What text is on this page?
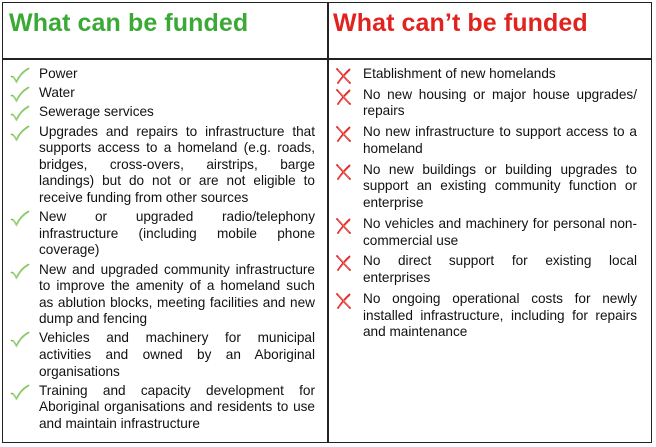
What can be funded	What can’t be funded
Power
Water
Sewerage services
Upgrades and repairs to infrastructure that supports access to a homeland (e.g. roads, bridges, cross-overs, airstrips, barge landings) but do not or are not eligible to receive funding from other sources
New or upgraded radio/telephony infrastructure (including mobile phone coverage)
New and upgraded community infrastructure to improve the amenity of a homeland such as ablution blocks, meeting facilities and new dump and fencing
Vehicles and machinery for municipal activities and owned by an Aboriginal organisations
Training and capacity development for Aboriginal organisations and residents to use and maintain infrastructure
Etablishment of new homelands
No new housing or major house upgrades/ repairs
No new infrastructure to support access to a homeland
No new buildings or building upgrades to support an existing community function or enterprise
No vehicles and machinery for personal non-commercial use
No direct support for existing local enterprises
No ongoing operational costs for newly installed infrastructure, including for repairs and maintenance
